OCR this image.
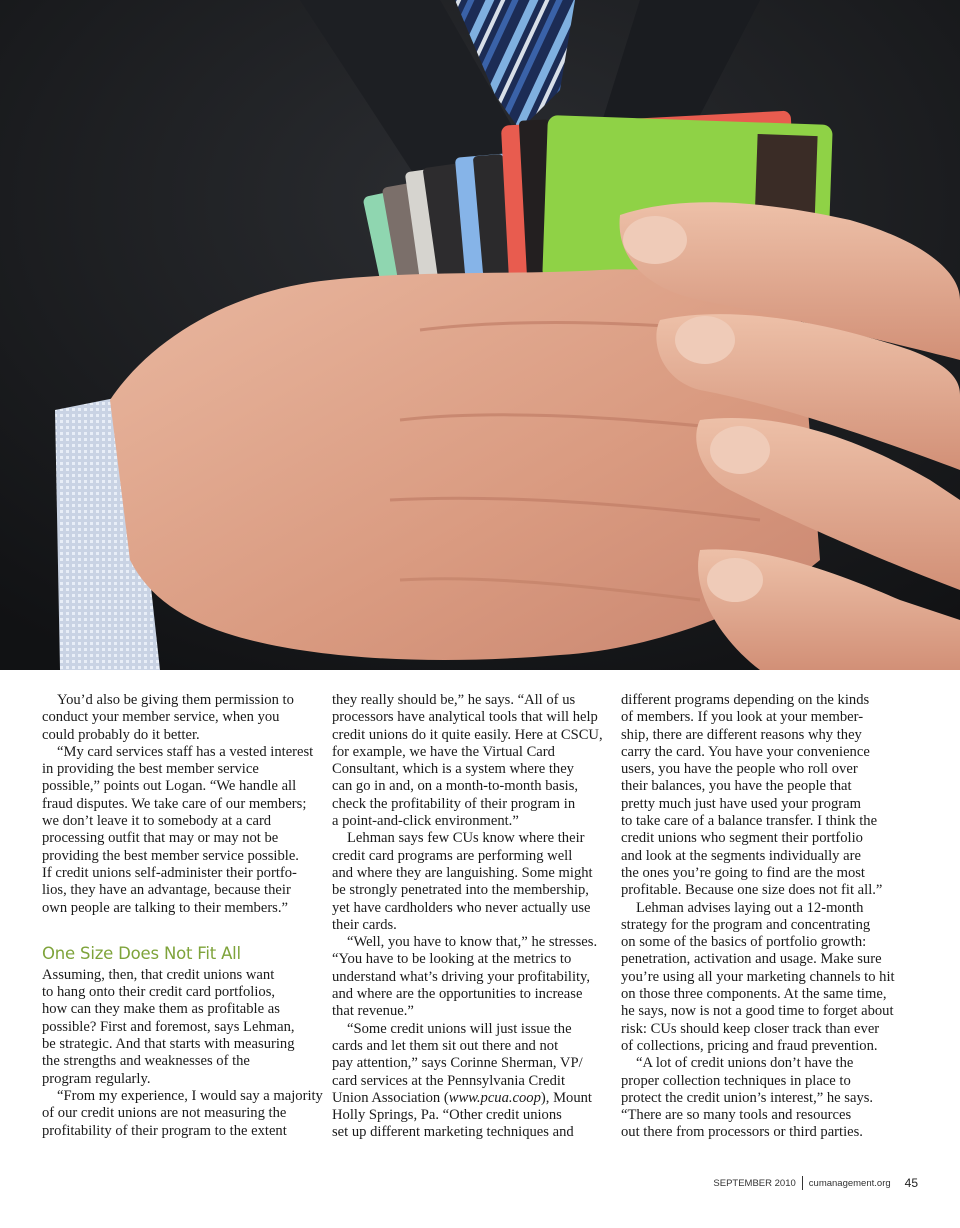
You’d also be giving them permission to
conduct your member service, when you
could probably do it better.
“My card services staff has a vested interest
in providing the best member service
possible,” points out Logan. “We handle all
fraud disputes. We take care of our members;
we don’t leave it to somebody at a card
processing outfit that may or may not be
providing the best member service possible.
If credit unions self-administer their portfo-
lios, they have an advantage, because their
own people are talking to their members.”
One Size Does Not Fit All
Assuming, then, that credit unions want
to hang onto their credit card portfolios,
how can they make them as profitable as
possible? First and foremost, says Lehman,
be strategic. And that starts with measuring
the strengths and weaknesses of the
program regularly.
“From my experience, I would say a majority
of our credit unions are not measuring the
profitability of their program to the extent
they really should be,” he says. “All of us
processors have analytical tools that will help
credit unions do it quite easily. Here at CSCU,
for example, we have the Virtual Card
Consultant, which is a system where they
can go in and, on a month-to-month basis,
check the profitability of their program in
a point-and-click environment.”
Lehman says few CUs know where their
credit card programs are performing well
and where they are languishing. Some might
be strongly penetrated into the membership,
yet have cardholders who never actually use
their cards.
“Well, you have to know that,” he stresses.
“You have to be looking at the metrics to
understand what’s driving your profitability,
and where are the opportunities to increase
that revenue.”
“Some credit unions will just issue the
cards and let them sit out there and not
pay attention,” says Corinne Sherman, VP/
card services at the Pennsylvania Credit
Union Association (www.pcua.coop), Mount
Holly Springs, Pa. “Other credit unions
set up different marketing techniques and
different programs depending on the kinds
of members. If you look at your member-
ship, there are different reasons why they
carry the card. You have your convenience
users, you have the people who roll over
their balances, you have the people that
pretty much just have used your program
to take care of a balance transfer. I think the
credit unions who segment their portfolio
and look at the segments individually are
the ones you’re going to find are the most
profitable. Because one size does not fit all.”
Lehman advises laying out a 12-month
strategy for the program and concentrating
on some of the basics of portfolio growth:
penetration, activation and usage. Make sure
you’re using all your marketing channels to hit
on those three components. At the same time,
he says, now is not a good time to forget about
risk: CUs should keep closer track than ever
of collections, pricing and fraud prevention.
“A lot of credit unions don’t have the
proper collection techniques in place to
protect the credit union’s interest,” he says.
“There are so many tools and resources
out there from processors or third parties.
SEPTEMBER 2010 cumanagement.org 45
